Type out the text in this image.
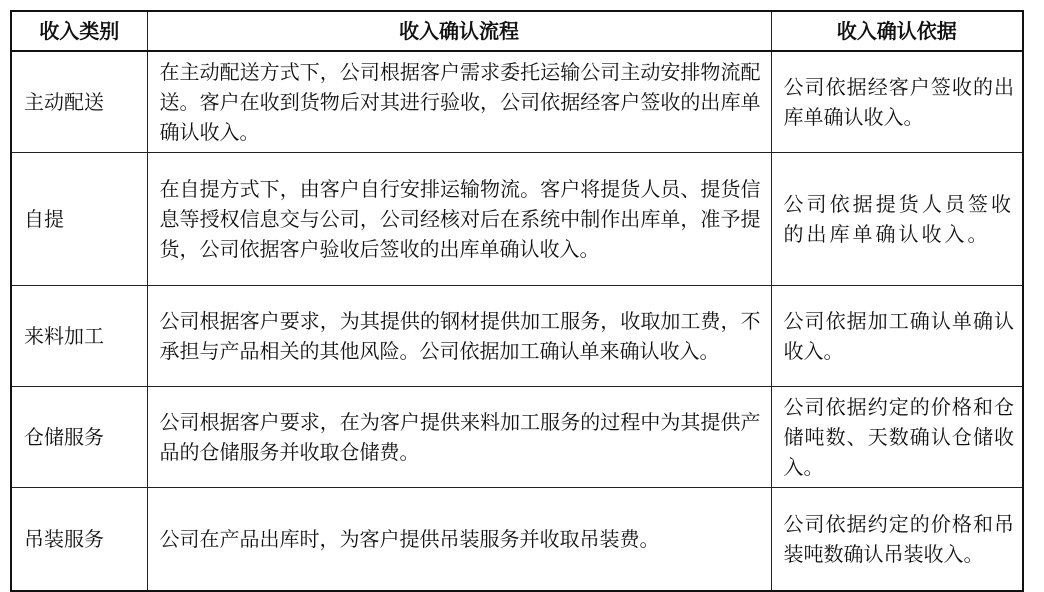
收入类别	收入确认流程	收入确认依据
主动配送	在主动配送方式下，公司根据客户需求委托运输公司主动安排物流配送。客户在收到货物后对其进行验收，公司依据经客户签收的出库单确认收入。	公司依据经客户签收的出库单确认收入。
自提	在自提方式下，由客户自行安排运输物流。客户将提货人员、提货信息等授权信息交与公司，公司经核对后在系统中制作出库单，准予提货，公司依据客户验收后签收的出库单确认收入。	公司依据提货人员签收的出库单确认收入。
来料加工	公司根据客户要求，为其提供的钢材提供加工服务，收取加工费，不承担与产品相关的其他风险。公司依据加工确认单来确认收入。	公司依据加工确认单确认收入。
仓储服务	公司根据客户要求，在为客户提供来料加工服务的过程中为其提供产品的仓储服务并收取仓储费。	公司依据约定的价格和仓储吨数、天数确认仓储收入。
吊装服务	公司在产品出库时，为客户提供吊装服务并收取吊装费。	公司依据约定的价格和吊装吨数确认吊装收入。
